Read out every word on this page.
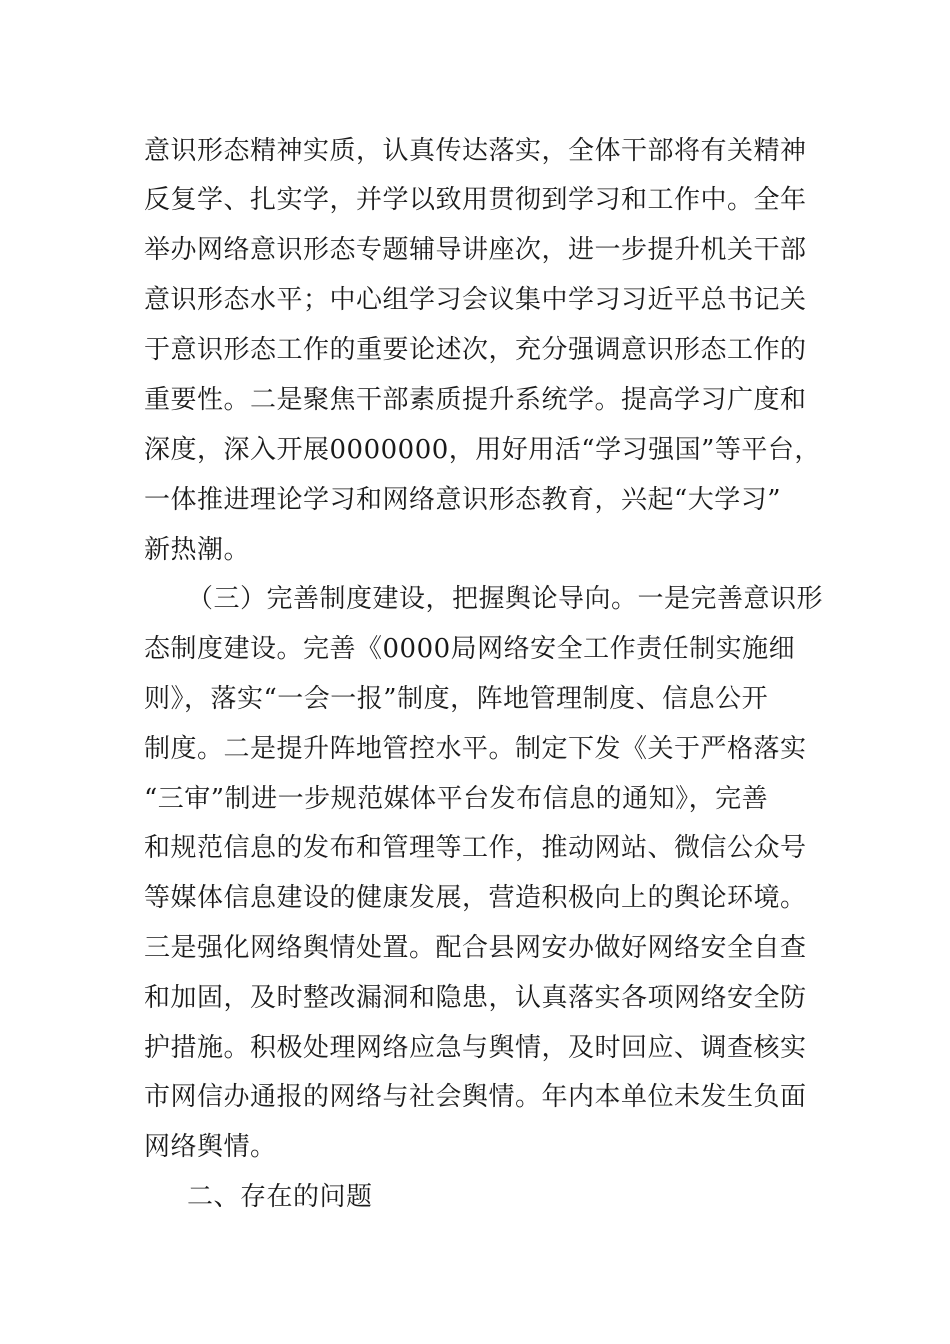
意识形态精神实质，认真传达落实，全体干部将有关精神
反复学、扎实学，并学以致用贯彻到学习和工作中。全年
举办网络意识形态专题辅导讲座次，进一步提升机关干部
意识形态水平；中心组学习会议集中学习习近平总书记关
于意识形态工作的重要论述次，充分强调意识形态工作的
重要性。二是聚焦干部素质提升系统学。提高学习广度和
深度，深入开展0000000，用好用活“学习强国”等平台，
一体推进理论学习和网络意识形态教育，兴起“大学习”
新热潮。
（三）完善制度建设，把握舆论导向。一是完善意识形
态制度建设。完善《0000局网络安全工作责任制实施细
则》，落实“一会一报”制度，阵地管理制度、信息公开
制度。二是提升阵地管控水平。制定下发《关于严格落实
“三审”制进一步规范媒体平台发布信息的通知》，完善
和规范信息的发布和管理等工作，推动网站、微信公众号
等媒体信息建设的健康发展，营造积极向上的舆论环境。
三是强化网络舆情处置。配合县网安办做好网络安全自查
和加固，及时整改漏洞和隐患，认真落实各项网络安全防
护措施。积极处理网络应急与舆情，及时回应、调查核实
市网信办通报的网络与社会舆情。年内本单位未发生负面
网络舆情。
二、存在的问题
